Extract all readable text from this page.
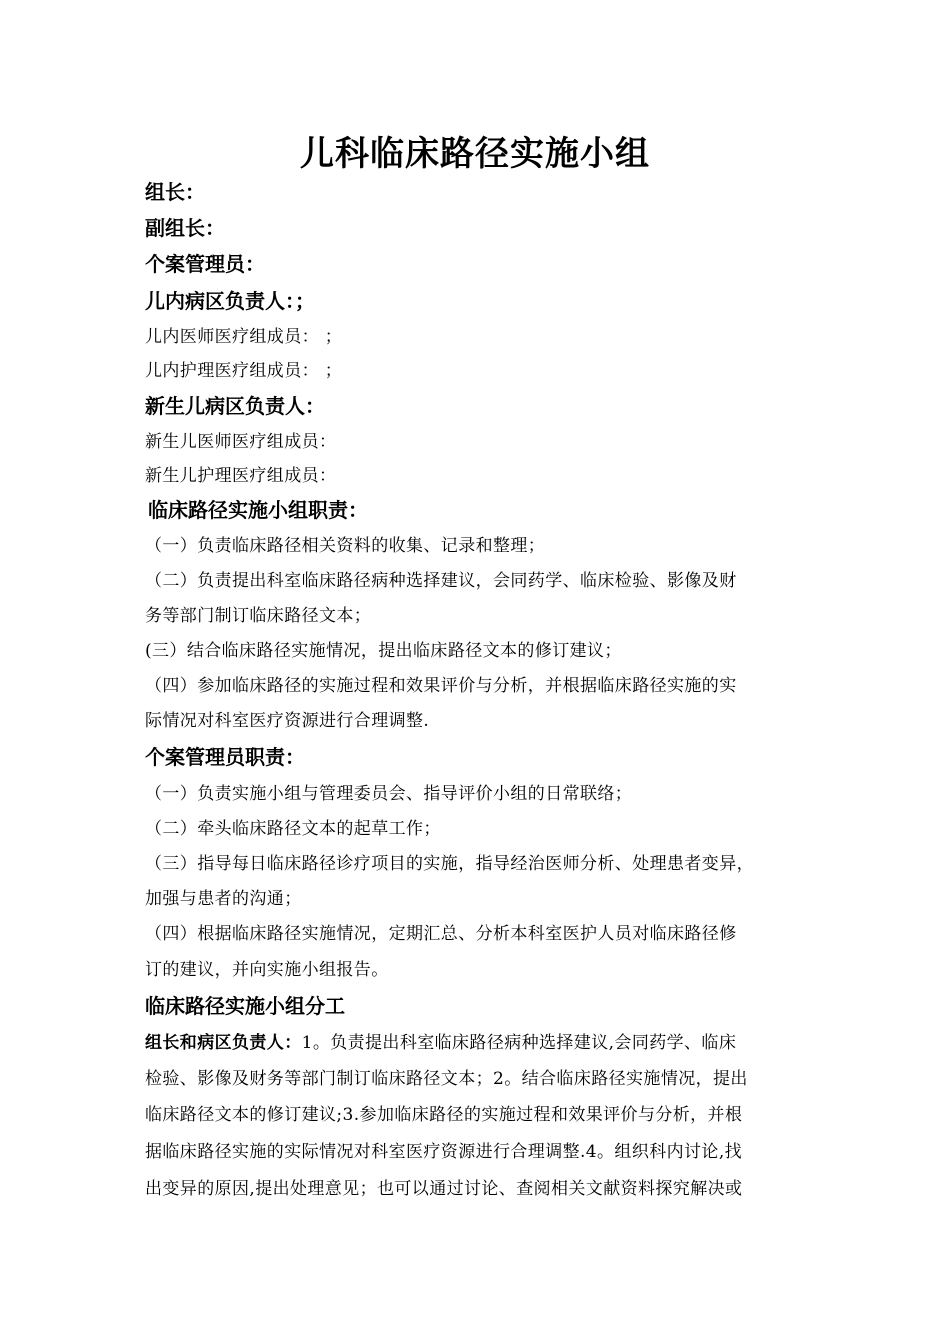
儿科临床路径实施小组
组长：
副组长：
个案管理员：
儿内病区负责人：；
儿内医师医疗组成员： ；
儿内护理医疗组成员： ；
新生儿病区负责人：
新生儿医师医疗组成员：
新生儿护理医疗组成员：
临床路径实施小组职责：
（一）负责临床路径相关资料的收集、记录和整理；
（二）负责提出科室临床路径病种选择建议，会同药学、临床检验、影像及财
务等部门制订临床路径文本；
(三）结合临床路径实施情况，提出临床路径文本的修订建议；
（四）参加临床路径的实施过程和效果评价与分析，并根据临床路径实施的实
际情况对科室医疗资源进行合理调整.
个案管理员职责：
（一）负责实施小组与管理委员会、指导评价小组的日常联络；
（二）牵头临床路径文本的起草工作；
（三）指导每日临床路径诊疗项目的实施，指导经治医师分析、处理患者变异，
加强与患者的沟通；
（四）根据临床路径实施情况，定期汇总、分析本科室医护人员对临床路径修
订的建议，并向实施小组报告。
临床路径实施小组分工
组长和病区负责人：1。负责提出科室临床路径病种选择建议,会同药学、临床
检验、影像及财务等部门制订临床路径文本；2。结合临床路径实施情况，提出
临床路径文本的修订建议;3.参加临床路径的实施过程和效果评价与分析，并根
据临床路径实施的实际情况对科室医疗资源进行合理调整.4。组织科内讨论,找
出变异的原因,提出处理意见；也可以通过讨论、查阅相关文献资料探究解决或
